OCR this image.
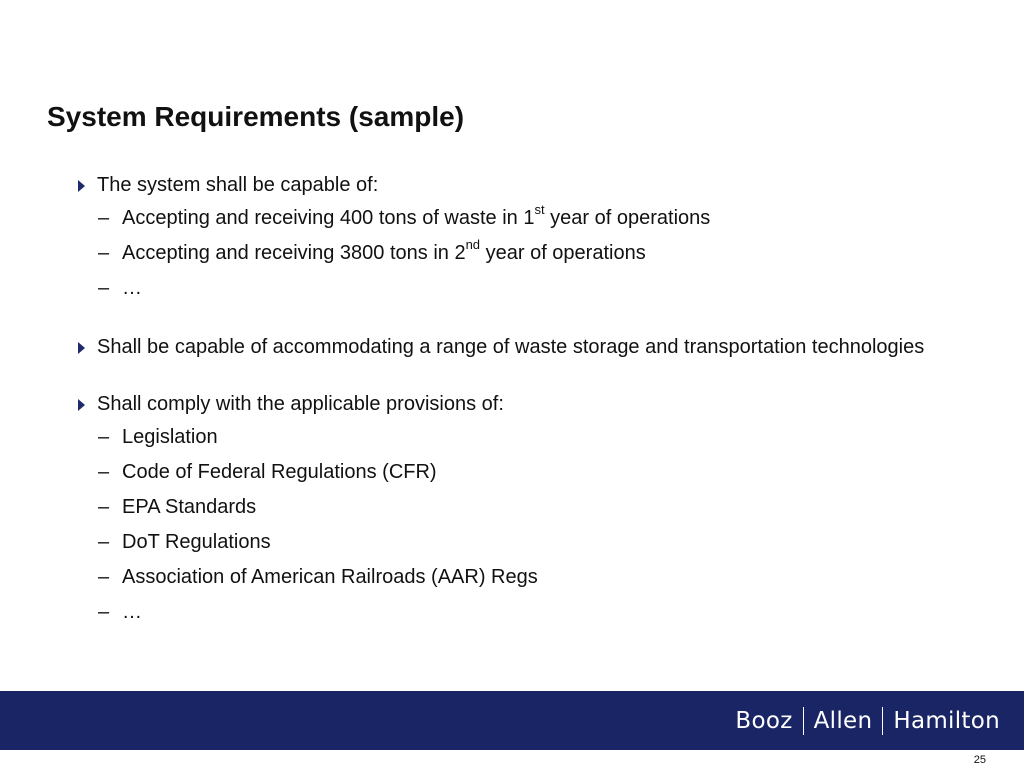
System Requirements (sample)
The system shall be capable of:
– Accepting and receiving 400 tons of waste in 1st year of operations
– Accepting and receiving 3800 tons in 2nd year of operations
– …
Shall be capable of accommodating a range of waste storage and transportation technologies
Shall comply with the applicable provisions of:
– Legislation
– Code of Federal Regulations (CFR)
– EPA Standards
– DoT Regulations
– Association of American Railroads (AAR) Regs
– …
Booz Allen Hamilton
25
